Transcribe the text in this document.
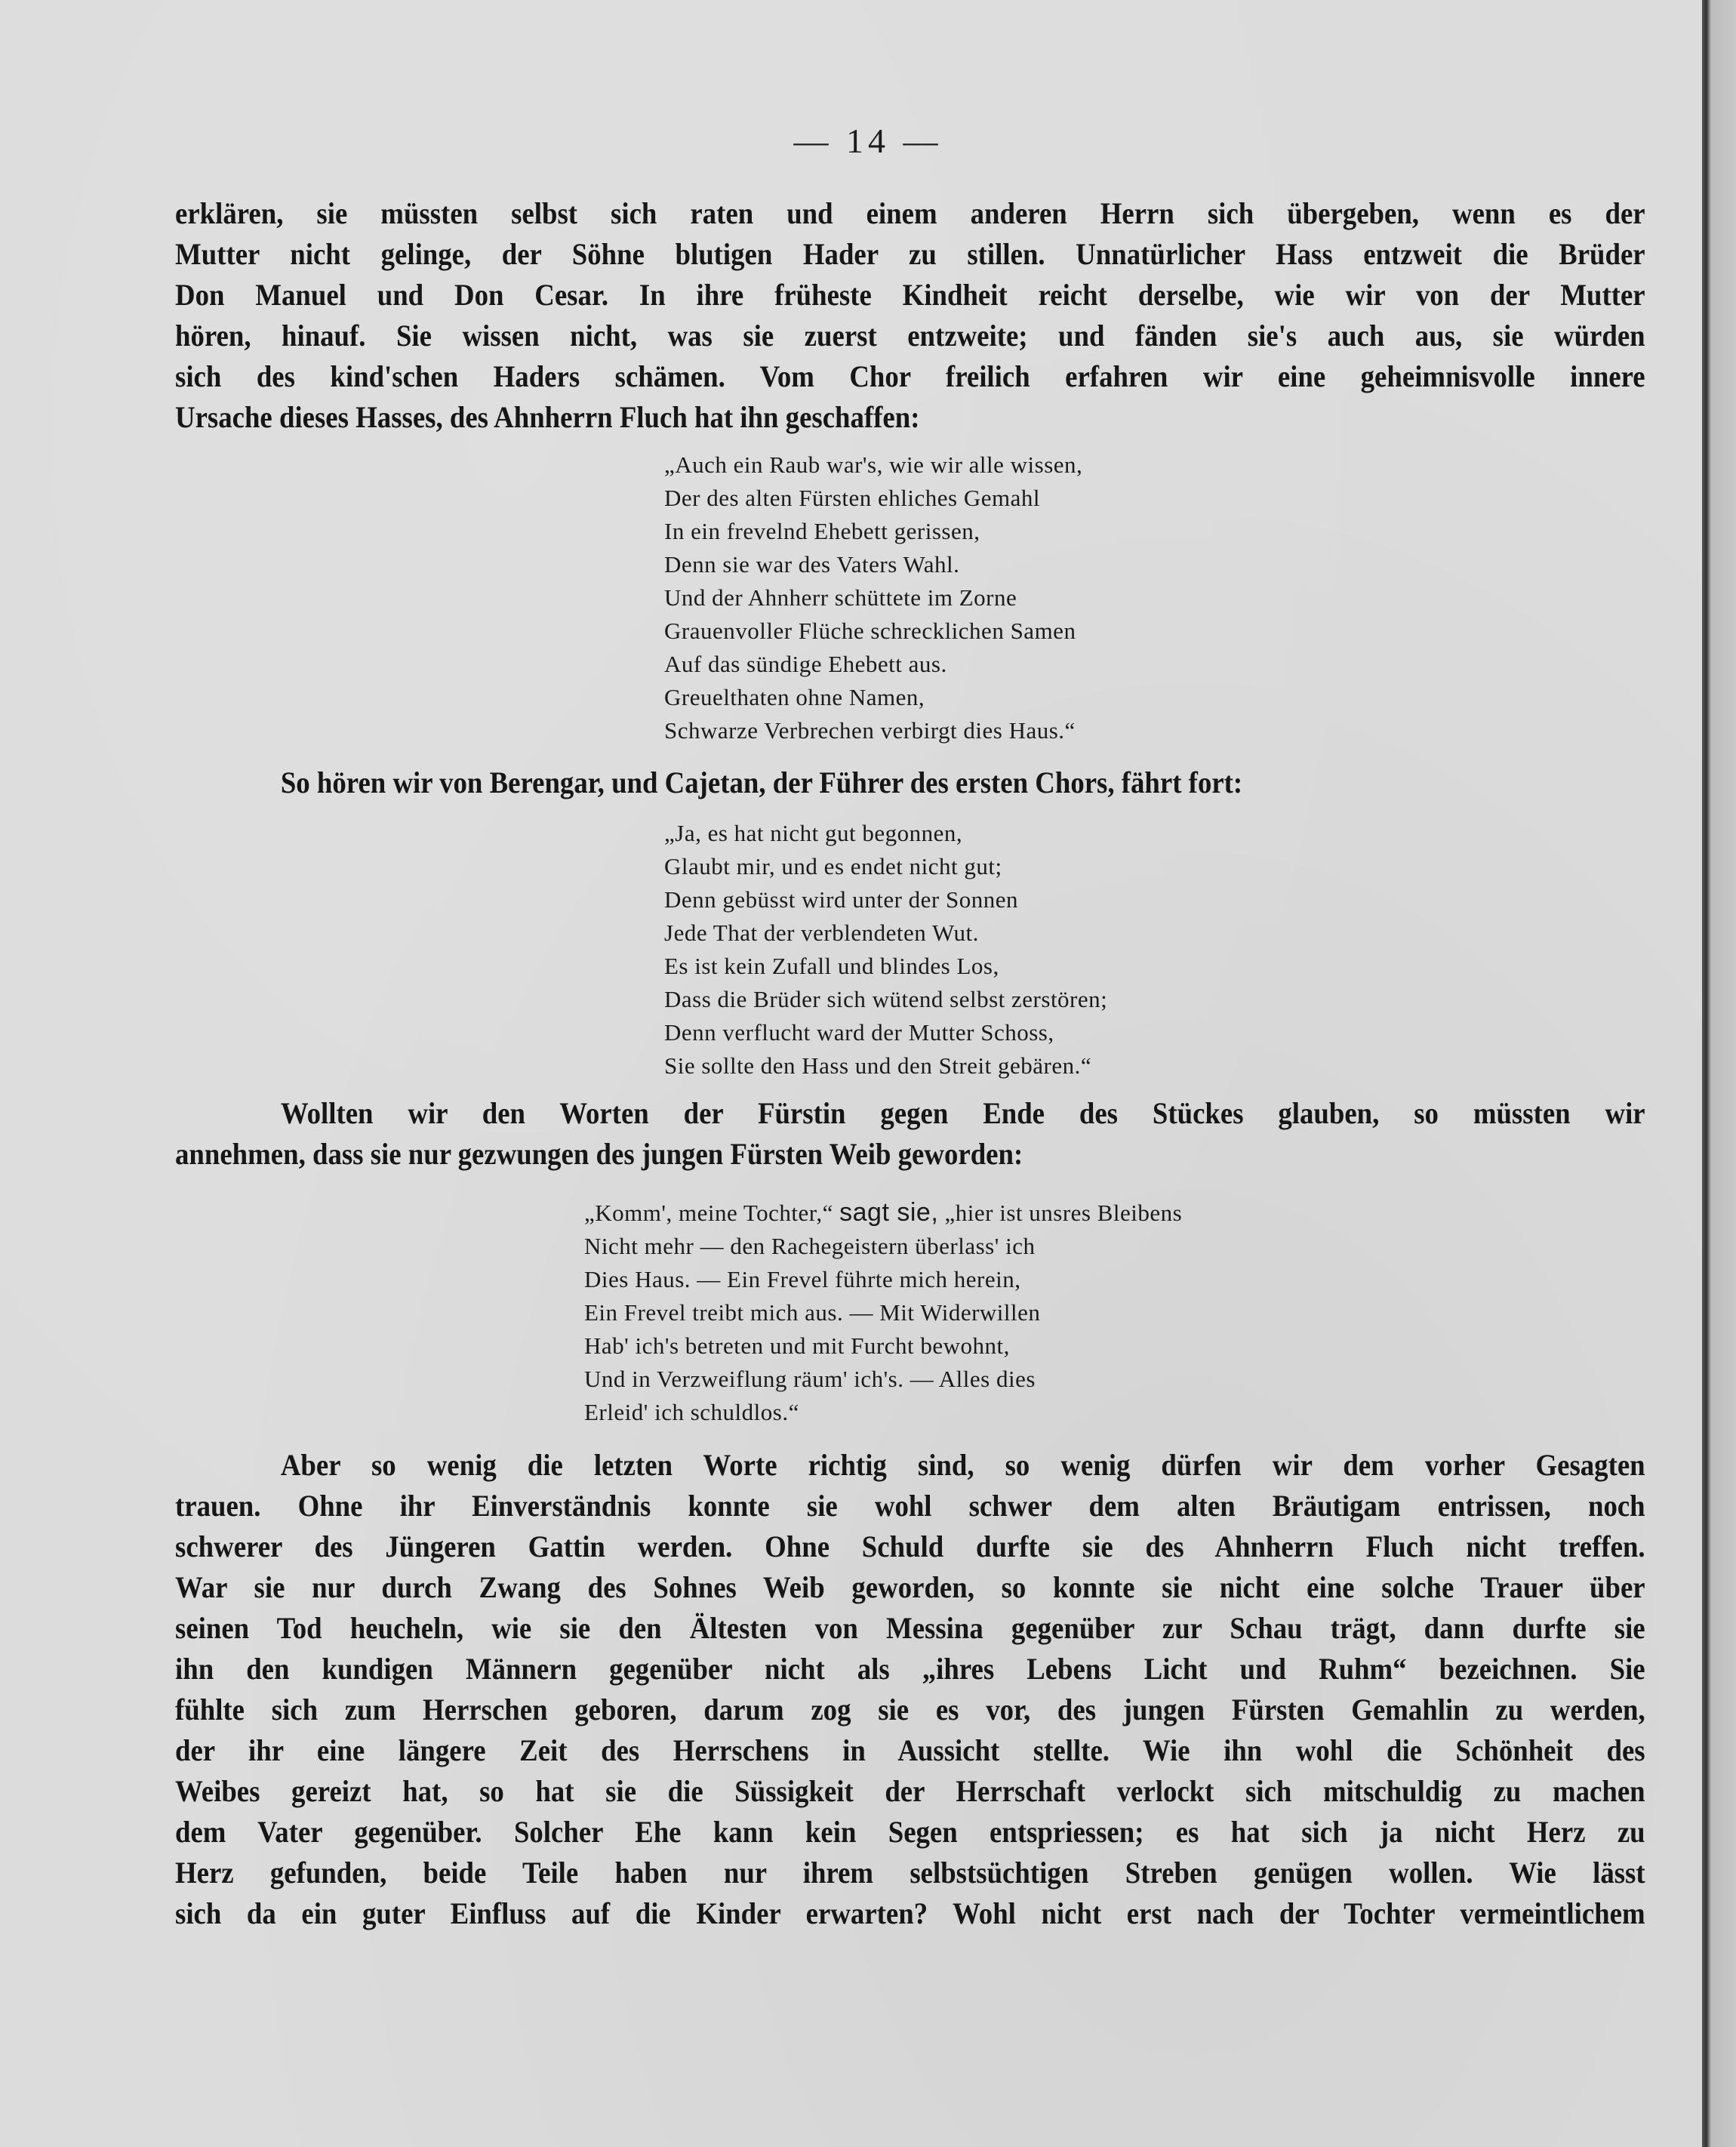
— 14 —

erklären, sie müssten selbst sich raten und einem anderen Herrn sich übergeben, wenn es der

Mutter nicht gelinge, der Söhne blutigen Hader zu stillen. Unnatürlicher Hass entzweit die Brüder

Don Manuel und Don Cesar. In ihre früheste Kindheit reicht derselbe, wie wir von der Mutter

hören, hinauf. Sie wissen nicht, was sie zuerst entzweite; und fänden sie's auch aus, sie würden

sich des kind'schen Haders schämen. Vom Chor freilich erfahren wir eine geheimnisvolle innere

Ursache dieses Hasses, des Ahnherrn Fluch hat ihn geschaffen:

„Auch ein Raub war's, wie wir alle wissen,
Der des alten Fürsten ehliches Gemahl
In ein frevelnd Ehebett gerissen,
Denn sie war des Vaters Wahl.
Und der Ahnherr schüttete im Zorne
Grauenvoller Flüche schrecklichen Samen
Auf das sündige Ehebett aus.
Greuelthaten ohne Namen,
Schwarze Verbrechen verbirgt dies Haus.“

So hören wir von Berengar, und Cajetan, der Führer des ersten Chors, fährt fort:

„Ja, es hat nicht gut begonnen,
Glaubt mir, und es endet nicht gut;
Denn gebüsst wird unter der Sonnen
Jede That der verblendeten Wut.
Es ist kein Zufall und blindes Los,
Dass die Brüder sich wütend selbst zerstören;
Denn verflucht ward der Mutter Schoss,
Sie sollte den Hass und den Streit gebären.“

Wollten wir den Worten der Fürstin gegen Ende des Stückes glauben, so müssten wir

annehmen, dass sie nur gezwungen des jungen Fürsten Weib geworden:

„Komm', meine Tochter,“ sagt sie, „hier ist unsres Bleibens
Nicht mehr — den Rachegeistern überlass' ich
Dies Haus. — Ein Frevel führte mich herein,
Ein Frevel treibt mich aus. — Mit Widerwillen
Hab' ich's betreten und mit Furcht bewohnt,
Und in Verzweiflung räum' ich's. — Alles dies
Erleid' ich schuldlos.“

Aber so wenig die letzten Worte richtig sind, so wenig dürfen wir dem vorher Gesagten

trauen. Ohne ihr Einverständnis konnte sie wohl schwer dem alten Bräutigam entrissen, noch

schwerer des Jüngeren Gattin werden. Ohne Schuld durfte sie des Ahnherrn Fluch nicht treffen.

War sie nur durch Zwang des Sohnes Weib geworden, so konnte sie nicht eine solche Trauer über

seinen Tod heucheln, wie sie den Ältesten von Messina gegenüber zur Schau trägt, dann durfte sie

ihn den kundigen Männern gegenüber nicht als „ihres Lebens Licht und Ruhm“ bezeichnen. Sie

fühlte sich zum Herrschen geboren, darum zog sie es vor, des jungen Fürsten Gemahlin zu werden,

der ihr eine längere Zeit des Herrschens in Aussicht stellte. Wie ihn wohl die Schönheit des

Weibes gereizt hat, so hat sie die Süssigkeit der Herrschaft verlockt sich mitschuldig zu machen

dem Vater gegenüber. Solcher Ehe kann kein Segen entspriessen; es hat sich ja nicht Herz zu

Herz gefunden, beide Teile haben nur ihrem selbstsüchtigen Streben genügen wollen. Wie lässt

sich da ein guter Einfluss auf die Kinder erwarten? Wohl nicht erst nach der Tochter vermeintlichem
